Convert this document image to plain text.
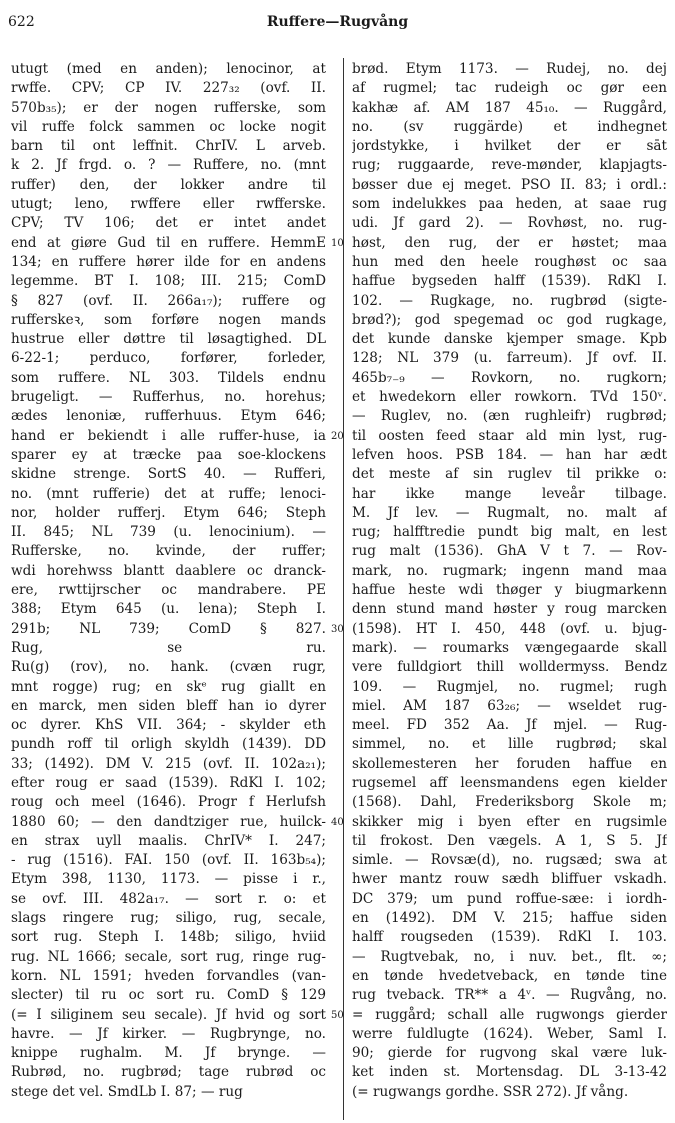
622	Ruffere—Rugvång
utugt (med en anden); lenocinor, at
rwffe. CPV; CP IV. 227₃₂ (ovf. II.
570b₃₅); er der nogen rufferske, som
vil ruffe folck sammen oc locke nogit
barn til ont leffnit. ChrIV. L arveb.
k 2. Jf frgd. o. ? — Ruffere, no. (mnt
ruffer) den, der lokker andre til
utugt; leno, rwffere eller rwfferske.
CPV; TV 106; det er intet andet
end at giøre Gud til en ruffere. HemmE
134; en ruffere hører ilde for en andens
legemme. BT I. 108; III. 215; ComD
§ 827 (ovf. II. 266a₁₇); ruffere og
rufferskeꝛ, som forføre nogen mands
hustrue eller døttre til løsagtighed. DL
6-22-1; perduco, forfører, forleder,
som ruffere. NL 303. Tildels endnu
brugeligt. — Rufferhus, no. horehus;
ædes lenoniæ, rufferhuus. Etym 646;
hand er bekiendt i alle ruffer-huse, ia
sparer ey at træcke paa soe-klockens
skidne strenge. SortS 40. — Rufferi,
no. (mnt rufferie) det at ruffe; lenoci-
nor, holder rufferj. Etym 646; Steph
II. 845; NL 739 (u. lenocinium). —
Rufferske, no. kvinde, der ruffer;
wdi horehwss blantt daablere oc dranck-
ere, rwttijrscher oc mandrabere. PE
388; Etym 645 (u. lena); Steph I.
291b; NL 739; ComD § 827.
Rug, se ru.
Ru(g) (rov), no. hank. (ᴄᴠæn rugr,
mnt rogge) rug; en skᵉ rug giallt en
en marck, men siden bleff han io dyrer
oc dyrer. KhS VII. 364; - skylder eth
pundh roff til orligh skyldh (1439). DD
33; (1492). DM V. 215 (ovf. II. 102a₂₁);
efter roug er saad (1539). RdKl I. 102;
roug och meel (1646). Progr f Herlufsh
1880 60; — den dandtziger rue, huilck-
en strax uyll maalis. ChrIV* I. 247;
- rug (1516). FAI. 150 (ovf. II. 163b₅₄);
Etym 398, 1130, 1173. — pisse i r.,
se ovf. III. 482a₁₇. — sort r. o: et
slags ringere rug; siligo, rug, secale,
sort rug. Steph I. 148b; siligo, hviid
rug. NL 1666; secale, sort rug, ringe rug-
korn. NL 1591; hveden forvandles (van-
slecter) til ru oc sort ru. ComD § 129
(= I siliginem seu secale). Jf hvid og sort
havre. — Jf kirker. — Rugbrynge, no.
knippe rughalm. M. Jf brynge. —
Rubrød, no. rugbrød; tage rubrød oc
stege det vel. SmdLb I. 87; — rug
10
20
30
40
50
brød. Etym 1173. — Rudej, no. dej
af rugmel; tac rudeigh oc gør een
kakhæ af. AM 187 45₁₀. — Ruggård,
no. (sv ruggärde) et indhegnet
jordstykke, i hvilket der er sāt
rug; ruggaarde, reve-mønder, klapjagts-
bøsser due ej meget. PSO II. 83; i ordl.:
som indelukkes paa heden, at saae rug
udi. Jf gard 2). — Rovhøst, no. rug-
høst, den rug, der er høstet; maa
hun med den heele roughøst oc saa
haffue bygseden halff (1539). RdKl I.
102. — Rugkage, no. rugbrød (sigte-
brød?); god spegemad oc god rugkage,
det kunde danske kjemper smage. Kpb
128; NL 379 (u. farreum). Jf ovf. II.
465b₇₋₉ — Rovkorn, no. rugkorn;
et hwedekorn eller rowkorn. TVd 150ᵛ.
— Ruglev, no. (æn rughleifr) rugbrød;
til oosten feed staar ald min lyst, rug-
lefven hoos. PSB 184. — han har ædt
det meste af sin ruglev til prikke o:
har ikke mange leveår tilbage.
M. Jf lev. — Rugmalt, no. malt af
rug; halfftredie pundt big malt, en lest
rug malt (1536). GhA V t 7. — Rov-
mark, no. rugmark; ingenn mand maa
haffue heste wdi thøger y biugmarkenn
denn stund mand høster y roug marcken
(1598). HT I. 450, 448 (ovf. u. bjug-
mark). — roumarks vængegaarde skall
vere fulldgiort thill wolldermyss. Bendz
109. — Rugmjel, no. rugmel; rugh
miel. AM 187 63₂₆; — wseldet rug-
meel. FD 352 Aa. Jf mjel. — Rug-
simmel, no. et lille rugbrød; skal
skollemesteren her foruden haffue en
rugsemel aff leensmandens egen kielder
(1568). Dahl, Frederiksborg Skole m;
skikker mig i byen efter en rugsimle
til frokost. Den vægels. A 1, S 5. Jf
simle. — Rovsæ(d), no. rugsæd; swa at
hwer mantz rouw sædh bliffuer vskadh.
DC 379; um pund roffue-sæe: i iordh-
en (1492). DM V. 215; haffue siden
halff rougseden (1539). RdKl I. 103.
— Rugtvebak, no, i nuv. bet., flt. ∞;
en tønde hvedetveback, en tønde tine
rug tveback. TR** a 4ᵛ. — Rugvång, no.
= ruggård; schall alle rugwongs gierder
werre fuldlugte (1624). Weber, Saml I.
90; gierde for rugvong skal være luk-
ket inden st. Mortensdag. DL 3-13-42
(= rugwangs gordhe. SSR 272). Jf vång.
